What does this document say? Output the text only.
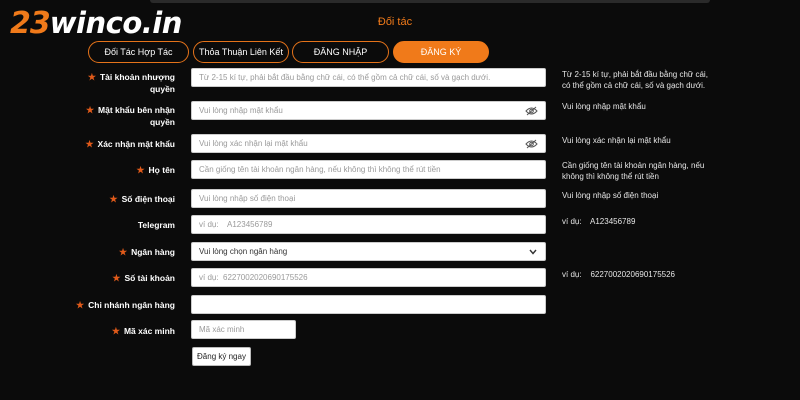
23 winco.in	Đối tác
Đối Tác Hợp Tác	Thỏa Thuận Liên Kết	ĐĂNG NHẬP	ĐĂNG KÝ
★ Tài khoản nhượng
quyền
Từ 2-15 kí tự, phải bắt đầu bằng chữ cái, có thể gồm cả chữ cái, số và gạch dưới.	Từ 2-15 kí tự, phải bắt đầu bằng chữ cái,
có thể gồm cả chữ cái, số và gạch dưới.
★ Mật khẩu bên nhận
quyền
Vui lòng nhập mật khẩu	Vui lòng nhập mật khẩu
★ Xác nhận mật khẩu	Vui lòng xác nhận lại mật khẩu	Vui lòng xác nhận lại mật khẩu
★ Họ tên	Cần giống tên tài khoản ngân hàng, nếu không thì không thể rút tiền	Cần giống tên tài khoản ngân hàng, nếu
không thì không thể rút tiền
★ Số điện thoại	Vui lòng nhập số điện thoại	Vui lòng nhập số điện thoại
Telegram	ví dụ:    A123456789	ví dụ:    A123456789
★ Ngân hàng	Vui lòng chọn ngân hàng
★ Số tài khoản	ví dụ:  6227002020690175526	ví dụ:    6227002020690175526
★ Chi nhánh ngân hàng
★ Mã xác minh	Mã xác minh
Đăng ký ngay
